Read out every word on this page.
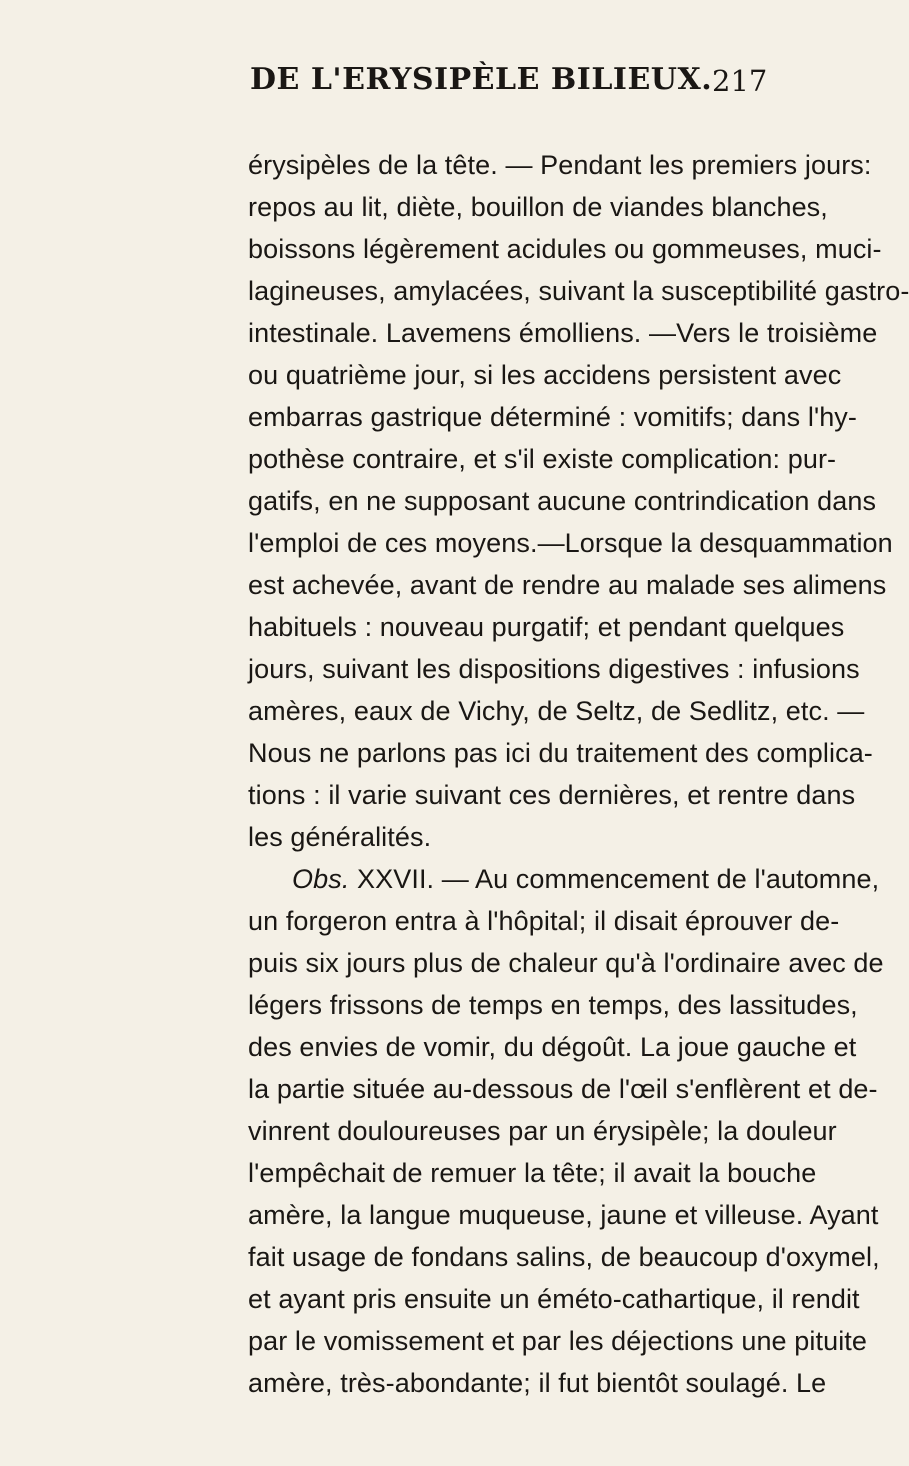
DE L'ERYSIPÈLE BILIEUX. 217
érysipèles de la tête. — Pendant les premiers jours:
repos au lit, diète, bouillon de viandes blanches,
boissons légèrement acidules ou gommeuses, muci-
lagineuses, amylacées, suivant la susceptibilité gastro-
intestinale. Lavemens émolliens. —Vers le troisième
ou quatrième jour, si les accidens persistent avec
embarras gastrique déterminé : vomitifs; dans l'hy-
pothèse contraire, et s'il existe complication: pur-
gatifs, en ne supposant aucune contrindication dans
l'emploi de ces moyens.—Lorsque la desquammation
est achevée, avant de rendre au malade ses alimens
habituels : nouveau purgatif; et pendant quelques
jours, suivant les dispositions digestives : infusions
amères, eaux de Vichy, de Seltz, de Sedlitz, etc. —
Nous ne parlons pas ici du traitement des complica-
tions : il varie suivant ces dernières, et rentre dans
les généralités.
Obs. XXVII. — Au commencement de l'automne,
un forgeron entra à l'hôpital; il disait éprouver de-
puis six jours plus de chaleur qu'à l'ordinaire avec de
légers frissons de temps en temps, des lassitudes,
des envies de vomir, du dégoût. La joue gauche et
la partie située au-dessous de l'œil s'enflèrent et de-
vinrent douloureuses par un érysipèle; la douleur
l'empêchait de remuer la tête; il avait la bouche
amère, la langue muqueuse, jaune et villeuse. Ayant
fait usage de fondans salins, de beaucoup d'oxymel,
et ayant pris ensuite un éméto-cathartique, il rendit
par le vomissement et par les déjections une pituite
amère, très-abondante; il fut bientôt soulagé. Le
